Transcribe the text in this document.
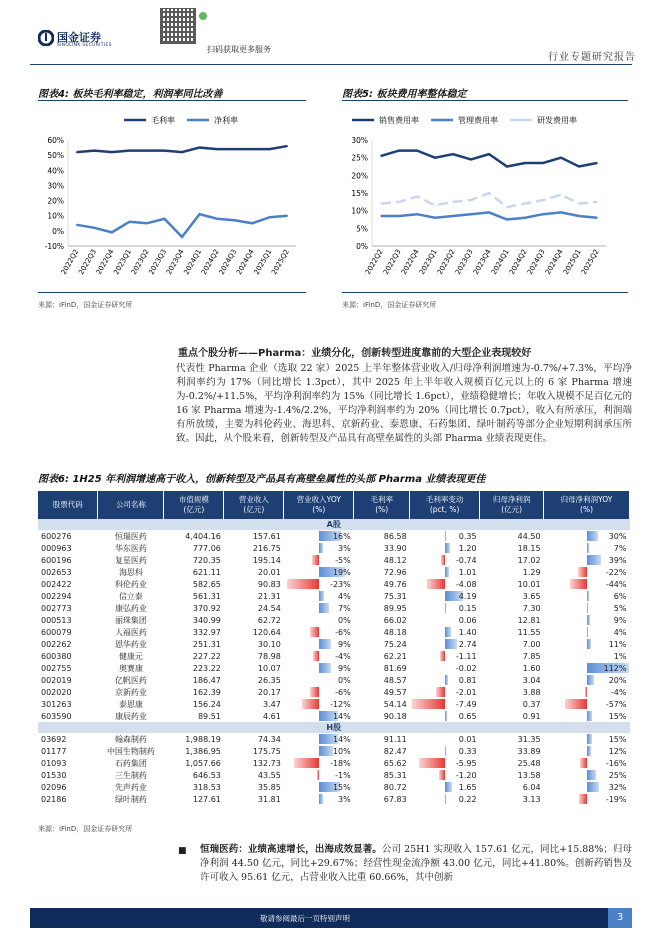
国金证券
SINOLINK SECURITIES	扫码获取更多服务
行业专题研究报告
图表4: 板块毛利率稳定，利润率同比改善
毛利率	净利率
60%
50%
40%
30%
20%
10%
0%
-10%
2022Q2
2022Q3
2022Q4
2023Q1
2023Q2
2023Q3
2023Q4
2024Q1
2024Q2
2024Q3
2024Q4
2025Q1
2025Q2
来源：iFinD，国金证券研究所
图表5: 板块费用率整体稳定
销售费用率	管理费用率	研发费用率
30%
25%
20%
15%
10%
5%
0%
2022Q2
2022Q3
2022Q4
2023Q1
2023Q2
2023Q3
2023Q4
2024Q1
2024Q2
2024Q3
2024Q4
2025Q1
2025Q2
来源：iFinD，国金证券研究所
重点个股分析——Pharma：业绩分化，创新转型进度靠前的大型企业表现较好
代表性 Pharma 企业（选取 22 家）2025 上半年整体营业收入/归母净利润增速为-0.7%/+7.3%，平均净利润率约为 17%（同比增长 1.3pct），其中 2025 年上半年收入规模百亿元以上的 6 家 Pharma 增速为-0.2%/+11.5%，平均净利润率约为 15%（同比增长 1.6pct），业绩稳健增长；年收入规模不足百亿元的 16 家 Pharma 增速为-1.4%/2.2%，平均净利润率约为 20%（同比增长 0.7pct），收入有所承压，利润端有所放缓，主要为科伦药业、海思科、京新药业、泰恩康、石药集团、绿叶制药等部分企业短期利润承压所致。因此，从个股来看，创新转型及产品具有高壁垒属性的头部 Pharma 业绩表现更佳。
图表6: 1H25 年利润增速高于收入，创新转型及产品具有高壁垒属性的头部 Pharma 业绩表现更佳
股票代码	公司名称	市值规模
(亿元)	营业收入
(亿元)	营业收入YOY
(%)	毛利率
(%)	毛利率变动
(pct, %)	归母净利润
(亿元)	归母净利润YOY
(%)
A股								
600276	恒瑞医药	4,404.16	157.61	16%	86.58	0.35	44.50	30%
000963	华东医药	777.06	216.75	3%	33.90	1.20	18.15	7%
600196	复星医药	720.35	195.14	-5%	48.12	-0.74	17.02	39%
002653	海思科	621.11	20.01	19%	72.96	1.01	1.29	-22%
002422	科伦药业	582.65	90.83	-23%	49.76	-4.08	10.01	-44%
002294	信立泰	561.31	21.31	4%	75.31	4.19	3.65	6%
002773	康弘药业	370.92	24.54	7%	89.95	0.15	7.30	5%
000513	丽珠集团	340.99	62.72	0%	66.02	0.06	12.81	9%
600079	人福医药	332.97	120.64	-6%	48.18	1.40	11.55	4%
002262	恩华药业	251.31	30.10	9%	75.24	2.74	7.00	11%
600380	健康元	227.22	78.98	-4%	62.21	-1.11	7.85	1%
002755	奥赛康	223.22	10.07	9%	81.69	-0.02	1.60	112%
002019	亿帆医药	186.47	26.35	0%	48.57	0.81	3.04	20%
002020	京新药业	162.39	20.17	-6%	49.57	-2.01	3.88	-4%
301263	泰恩康	156.24	3.47	-12%	54.14	-7.49	0.37	-57%
603590	康辰药业	89.51	4.61	14%	90.18	0.65	0.91	15%
H股								
03692	翰森制药	1,988.19	74.34	14%	91.11	0.01	31.35	15%
01177	中国生物制药	1,386.95	175.75	10%	82.47	0.33	33.89	12%
01093	石药集团	1,057.66	132.73	-18%	65.62	-5.95	25.48	-16%
01530	三生制药	646.53	43.55	-1%	85.31	-1.20	13.58	25%
02096	先声药业	318.53	35.85	15%	80.72	1.65	6.04	32%
02186	绿叶制药	127.61	31.81	3%	67.83	0.22	3.13	-19%
来源：iFinD，国金证券研究所
■ 恒瑞医药：业绩高速增长，出海成效显著。公司 25H1 实现收入 157.61 亿元，同比+15.88%；归母净利润 44.50 亿元，同比+29.67%；经营性现金流净额 43.00 亿元，同比+41.80%。创新药销售及许可收入 95.61 亿元，占营业收入比重 60.66%，其中创新
敬请参阅最后一页特别声明	3
